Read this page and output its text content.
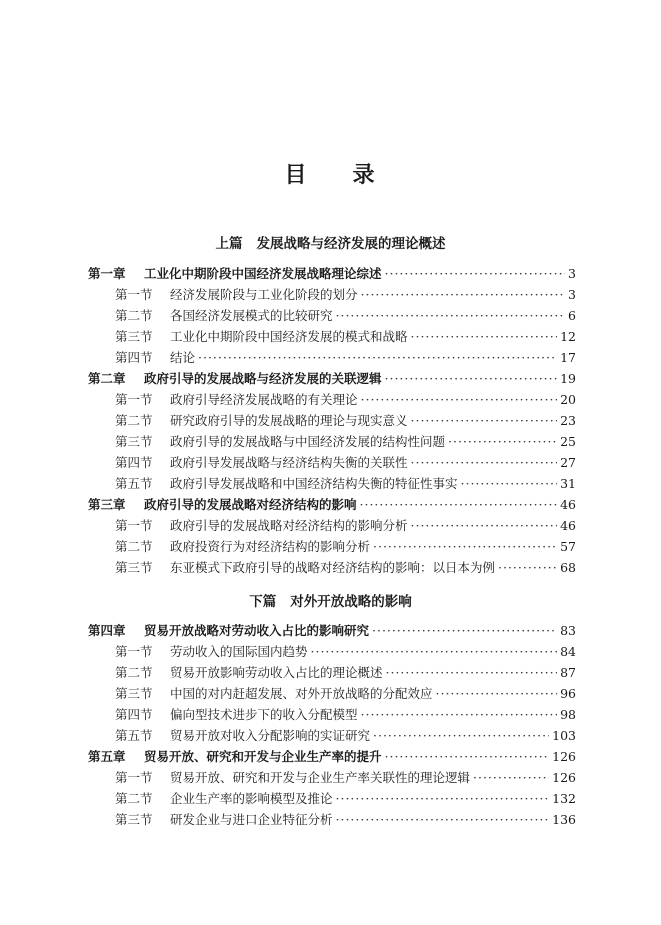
目 录
上篇 发展战略与经济发展的理论概述
第一章	工业化中期阶段中国经济发展战略理论综述 ·····	3
第一节	经济发展阶段与工业化阶段的划分 ·····	3
第二节	各国经济发展模式的比较研究 ·····	6
第三节	工业化中期阶段中国经济发展的模式和战略 ·····	12
第四节	结论 ·····	17
第二章	政府引导的发展战略与经济发展的关联逻辑 ·····	19
第一节	政府引导经济发展战略的有关理论 ·····	20
第二节	研究政府引导的发展战略的理论与现实意义 ·····	23
第三节	政府引导的发展战略与中国经济发展的结构性问题 ·····	25
第四节	政府引导发展战略与经济结构失衡的关联性 ·····	27
第五节	政府引导发展战略和中国经济结构失衡的特征性事实 ·····	31
第三章	政府引导的发展战略对经济结构的影响 ·····	46
第一节	政府引导的发展战略对经济结构的影响分析 ·····	46
第二节	政府投资行为对经济结构的影响分析 ·····	57
第三节	东亚模式下政府引导的战略对经济结构的影响：以日本为例 ·····	68
下篇 对外开放战略的影响
第四章	贸易开放战略对劳动收入占比的影响研究 ·····	83
第一节	劳动收入的国际国内趋势 ·····	84
第二节	贸易开放影响劳动收入占比的理论概述 ·····	87
第三节	中国的对内赶超发展、对外开放战略的分配效应 ·····	96
第四节	偏向型技术进步下的收入分配模型 ·····	98
第五节	贸易开放对收入分配影响的实证研究 ·····	103
第五章	贸易开放、研究和开发与企业生产率的提升 ·····	126
第一节	贸易开放、研究和开发与企业生产率关联性的理论逻辑 ·····	126
第二节	企业生产率的影响模型及推论 ·····	132
第三节	研发企业与进口企业特征分析 ·····	136
